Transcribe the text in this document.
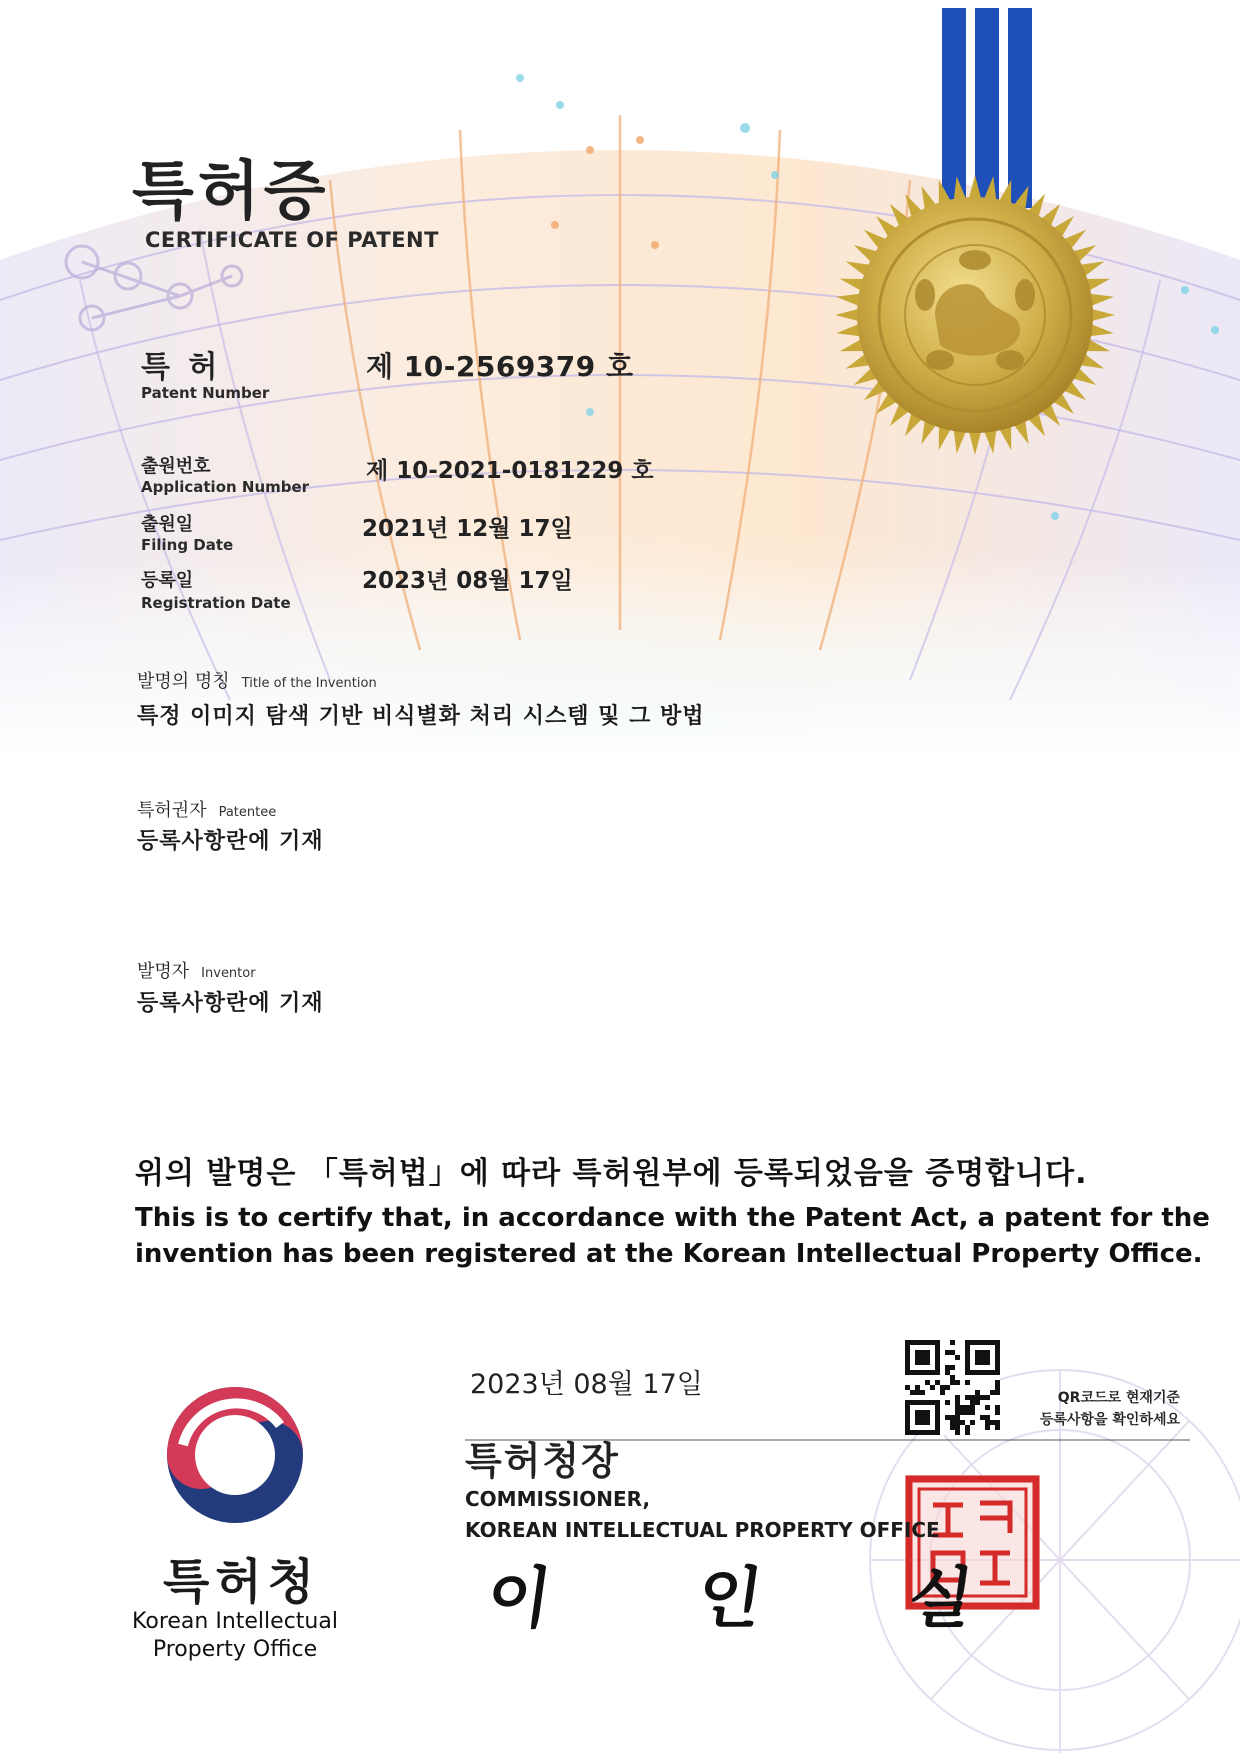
특허증
CERTIFICATE OF PATENT
특 허
Patent Number
제 10-2569379 호
출원번호
Application Number
제 10-2021-0181229 호
출원일
Filing Date
2021년 12월 17일
등록일
Registration Date
2023년 08월 17일
발명의 명칭 Title of the Invention
특정 이미지 탐색 기반 비식별화 처리 시스템 및 그 방법
특허권자 Patentee
등록사항란에 기재
발명자 Inventor
등록사항란에 기재
위의 발명은 「특허법」에 따라 특허원부에 등록되었음을 증명합니다.
This is to certify that, in accordance with the Patent Act, a patent for the
invention has been registered at the Korean Intellectual Property Office.
2023년 08월 17일	QR코드로 현재기준
등록사항을 확인하세요
특허청장
COMMISSIONER,
KOREAN INTELLECTUAL PROPERTY OFFICE
이 인 실
특허청
Korean Intellectual
Property Office
